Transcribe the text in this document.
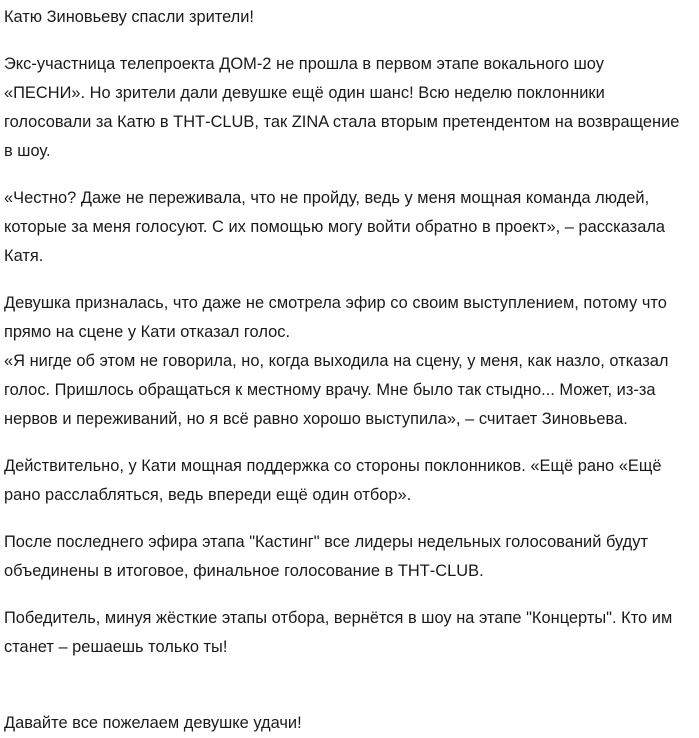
Катю Зиновьеву спасли зрители!

Экс-участница телепроекта ДОМ-2 не прошла в первом этапе вокального шоу «ПЕСНИ». Но зрители дали девушке ещё один шанс! Всю неделю поклонники голосовали за Катю в ТНТ-CLUB, так ZINA стала вторым претендентом на возвращение в шоу.

«Честно? Даже не переживала, что не пройду, ведь у меня мощная команда людей, которые за меня голосуют. С их помощью могу войти обратно в проект», – рассказала Катя.

Девушка призналась, что даже не смотрела эфир со своим выступлением, потому что прямо на сцене у Кати отказал голос.

«Я нигде об этом не говорила, но, когда выходила на сцену, у меня, как назло, отказал голос. Пришлось обращаться к местному врачу. Мне было так стыдно... Может, из-за нервов и переживаний, но я всё равно хорошо выступила», – считает Зиновьева.

Действительно, у Кати мощная поддержка со стороны поклонников. «Ещё рано «Ещё рано расслабляться, ведь впереди ещё один отбор».

После последнего эфира этапа "Кастинг" все лидеры недельных голосований будут объединены в итоговое, финальное голосование в ТНТ-CLUB.

Победитель, минуя жёсткие этапы отбора, вернётся в шоу на этапе "Концерты". Кто им станет – решаешь только ты!

Давайте все пожелаем девушке удачи!
